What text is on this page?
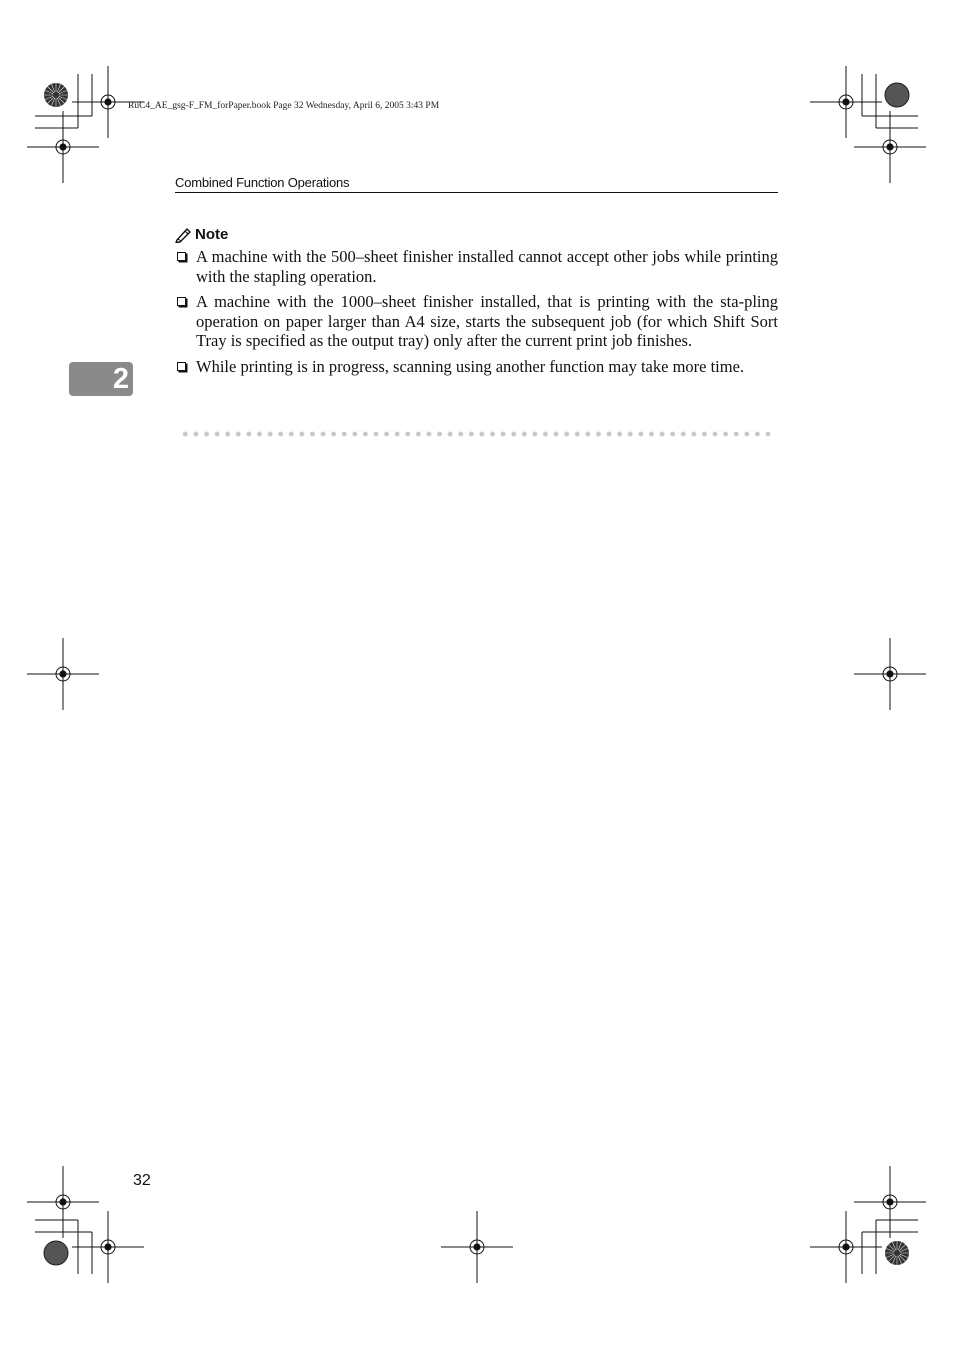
RuC4_AE_gsg-F_FM_forPaper.book Page 32 Wednesday, April 6, 2005 3:43 PM
Combined Function Operations
Note
A machine with the 500–sheet finisher installed cannot accept other jobs while printing with the stapling operation.
A machine with the 1000–sheet finisher installed, that is printing with the sta-pling operation on paper larger than A4 size, starts the subsequent job (for which Shift Sort Tray is specified as the output tray) only after the current print job finishes.
While printing is in progress, scanning using another function may take more time.
2
32
